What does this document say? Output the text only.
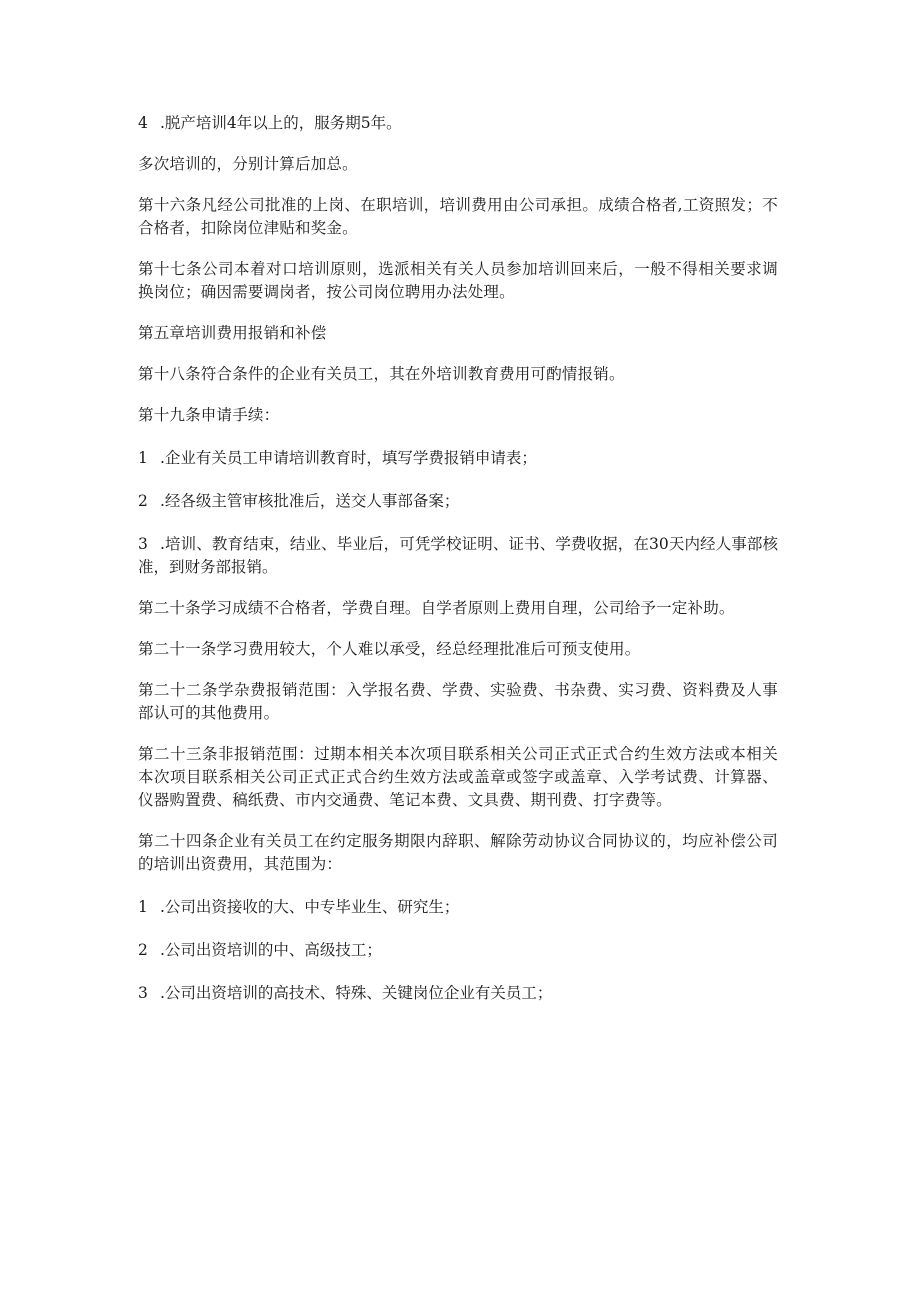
4 .脱产培训4年以上的，服务期5年。

多次培训的，分别计算后加总。

第十六条凡经公司批准的上岗、在职培训，培训费用由公司承担。成绩合格者,工资照发；不合格者，扣除岗位津贴和奖金。

第十七条公司本着对口培训原则，选派相关有关人员参加培训回来后，一般不得相关要求调换岗位；确因需要调岗者，按公司岗位聘用办法处理。

第五章培训费用报销和补偿

第十八条符合条件的企业有关员工，其在外培训教育费用可酌情报销。

第十九条申请手续：

1 .企业有关员工申请培训教育时，填写学费报销申请表；

2 .经各级主管审核批准后，送交人事部备案；

3 .培训、教育结束，结业、毕业后，可凭学校证明、证书、学费收据，在30天内经人事部核准，到财务部报销。

第二十条学习成绩不合格者，学费自理。自学者原则上费用自理，公司给予一定补助。

第二十一条学习费用较大，个人难以承受，经总经理批准后可预支使用。

第二十二条学杂费报销范围：入学报名费、学费、实验费、书杂费、实习费、资料费及人事部认可的其他费用。

第二十三条非报销范围：过期本相关本次项目联系相关公司正式正式合约生效方法或本相关本次项目联系相关公司正式正式合约生效方法或盖章或签字或盖章、入学考试费、计算器、仪器购置费、稿纸费、市内交通费、笔记本费、文具费、期刊费、打字费等。

第二十四条企业有关员工在约定服务期限内辞职、解除劳动协议合同协议的，均应补偿公司的培训出资费用，其范围为：

1 .公司出资接收的大、中专毕业生、研究生；

2 .公司出资培训的中、高级技工；

3 .公司出资培训的高技术、特殊、关键岗位企业有关员工；
